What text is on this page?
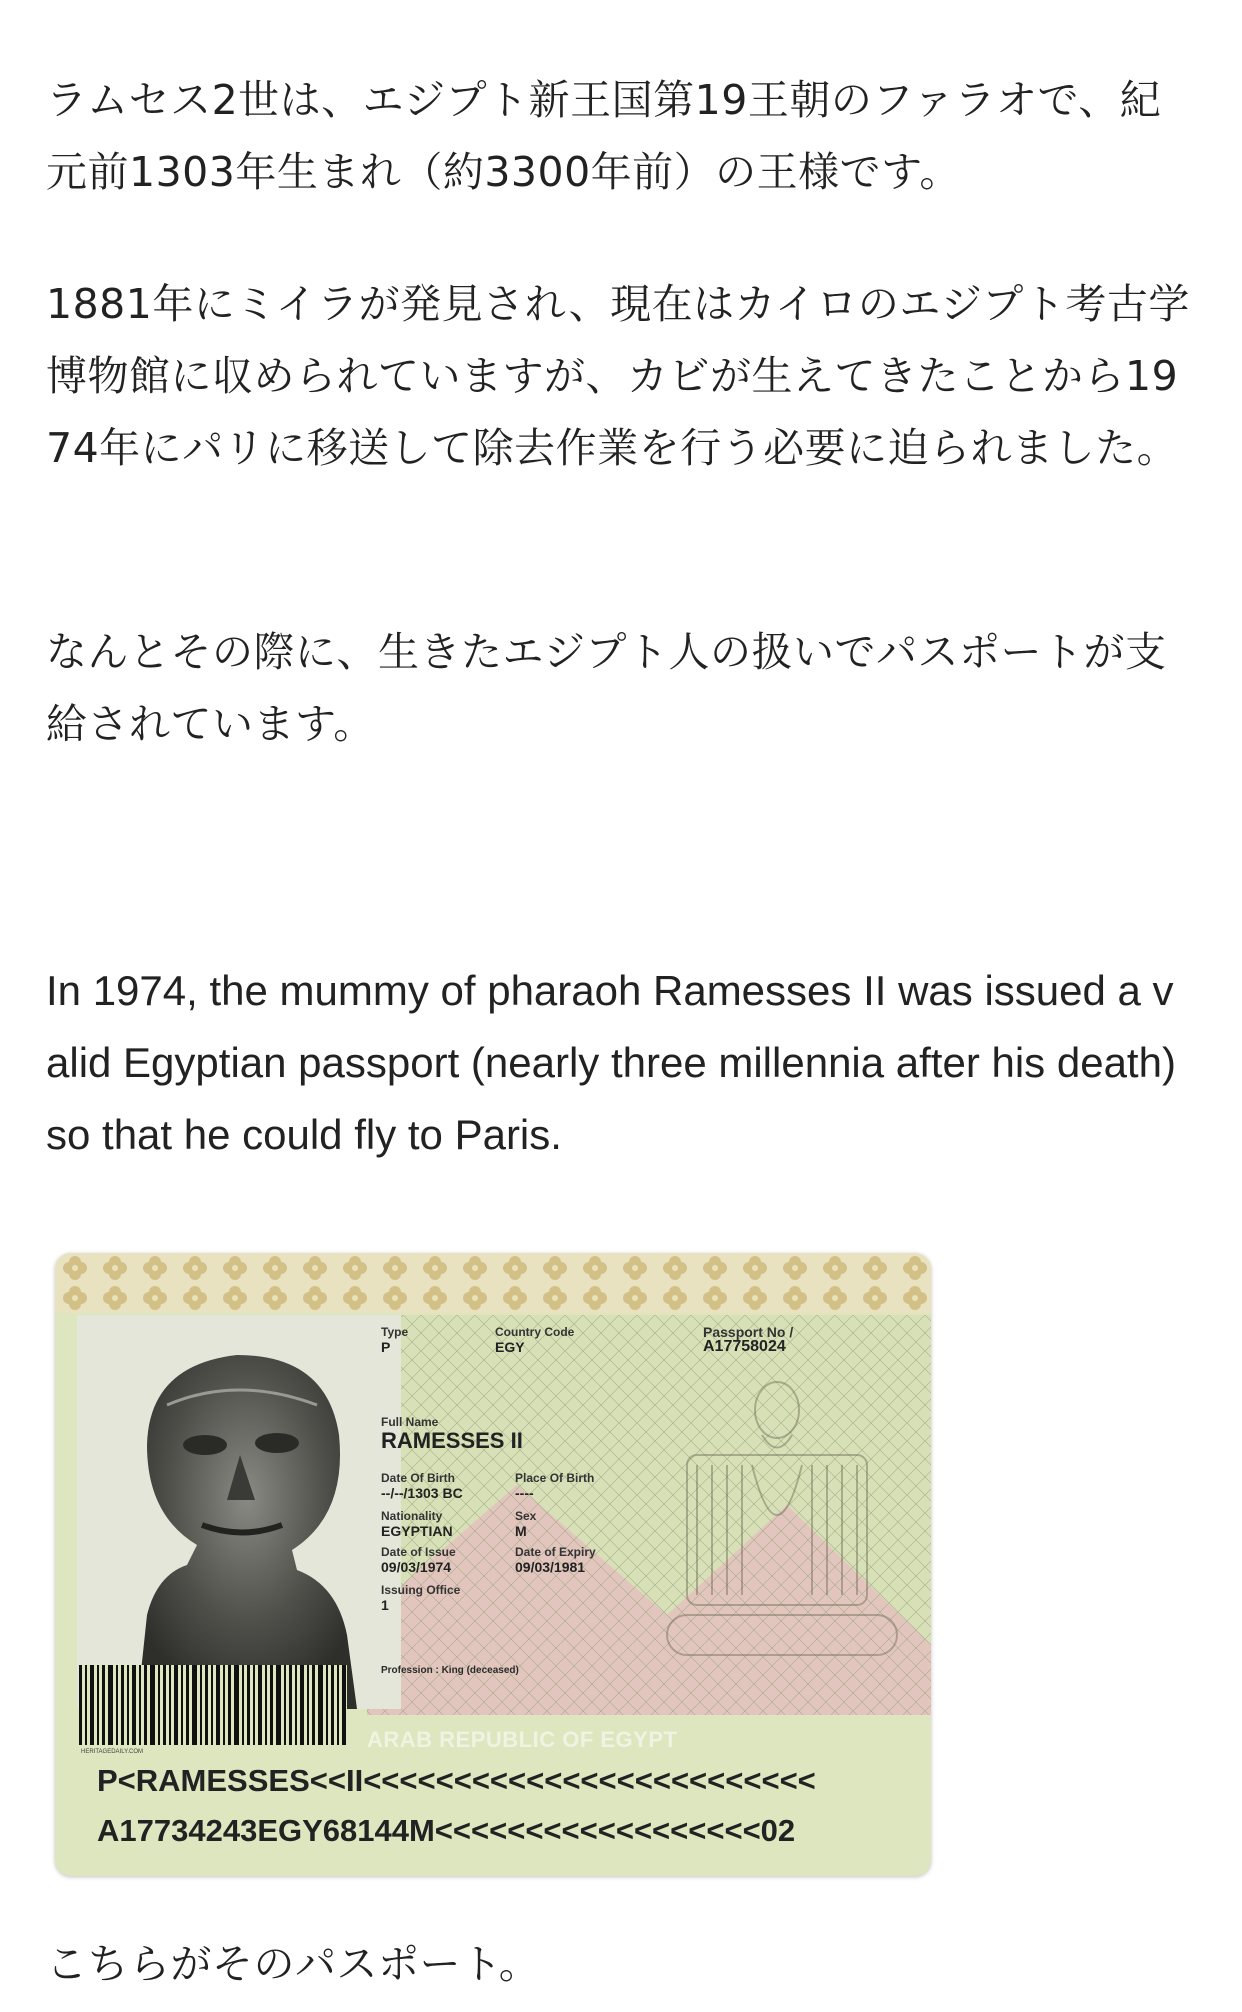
ラムセス2世は、エジプト新王国第19王朝のファラオで、紀元前1303年生まれ（約3300年前）の王様です。

1881年にミイラが発見され、現在はカイロのエジプト考古学博物館に収められていますが、カビが生えてきたことから1974年にパリに移送して除去作業を行う必要に迫られました。

なんとその際に、生きたエジプト人の扱いでパスポートが支給されています。

In 1974, the mummy of pharaoh Ramesses II was issued a valid Egyptian passport (nearly three millennia after his death) so that he could fly to Paris.

HERITAGEDAILY.COM	ARAB REPUBLIC OF EGYPT
Type
P
Country Code
EGY
Passport No /
A17758024
Full Name
RAMESSES II
Date Of Birth
--/--/1303 BC
Place Of Birth
----
Nationality
EGYPTIAN
Sex
M
Date of Issue
09/03/1974
Date of Expiry
09/03/1981
Issuing Office
1
Profession : King (deceased)
P<RAMESSES<<II<<<<<<<<<<<<<<<<<<<<<<<<<
A17734243EGY68144M<<<<<<<<<<<<<<<<<<02

こちらがそのパスポート。
